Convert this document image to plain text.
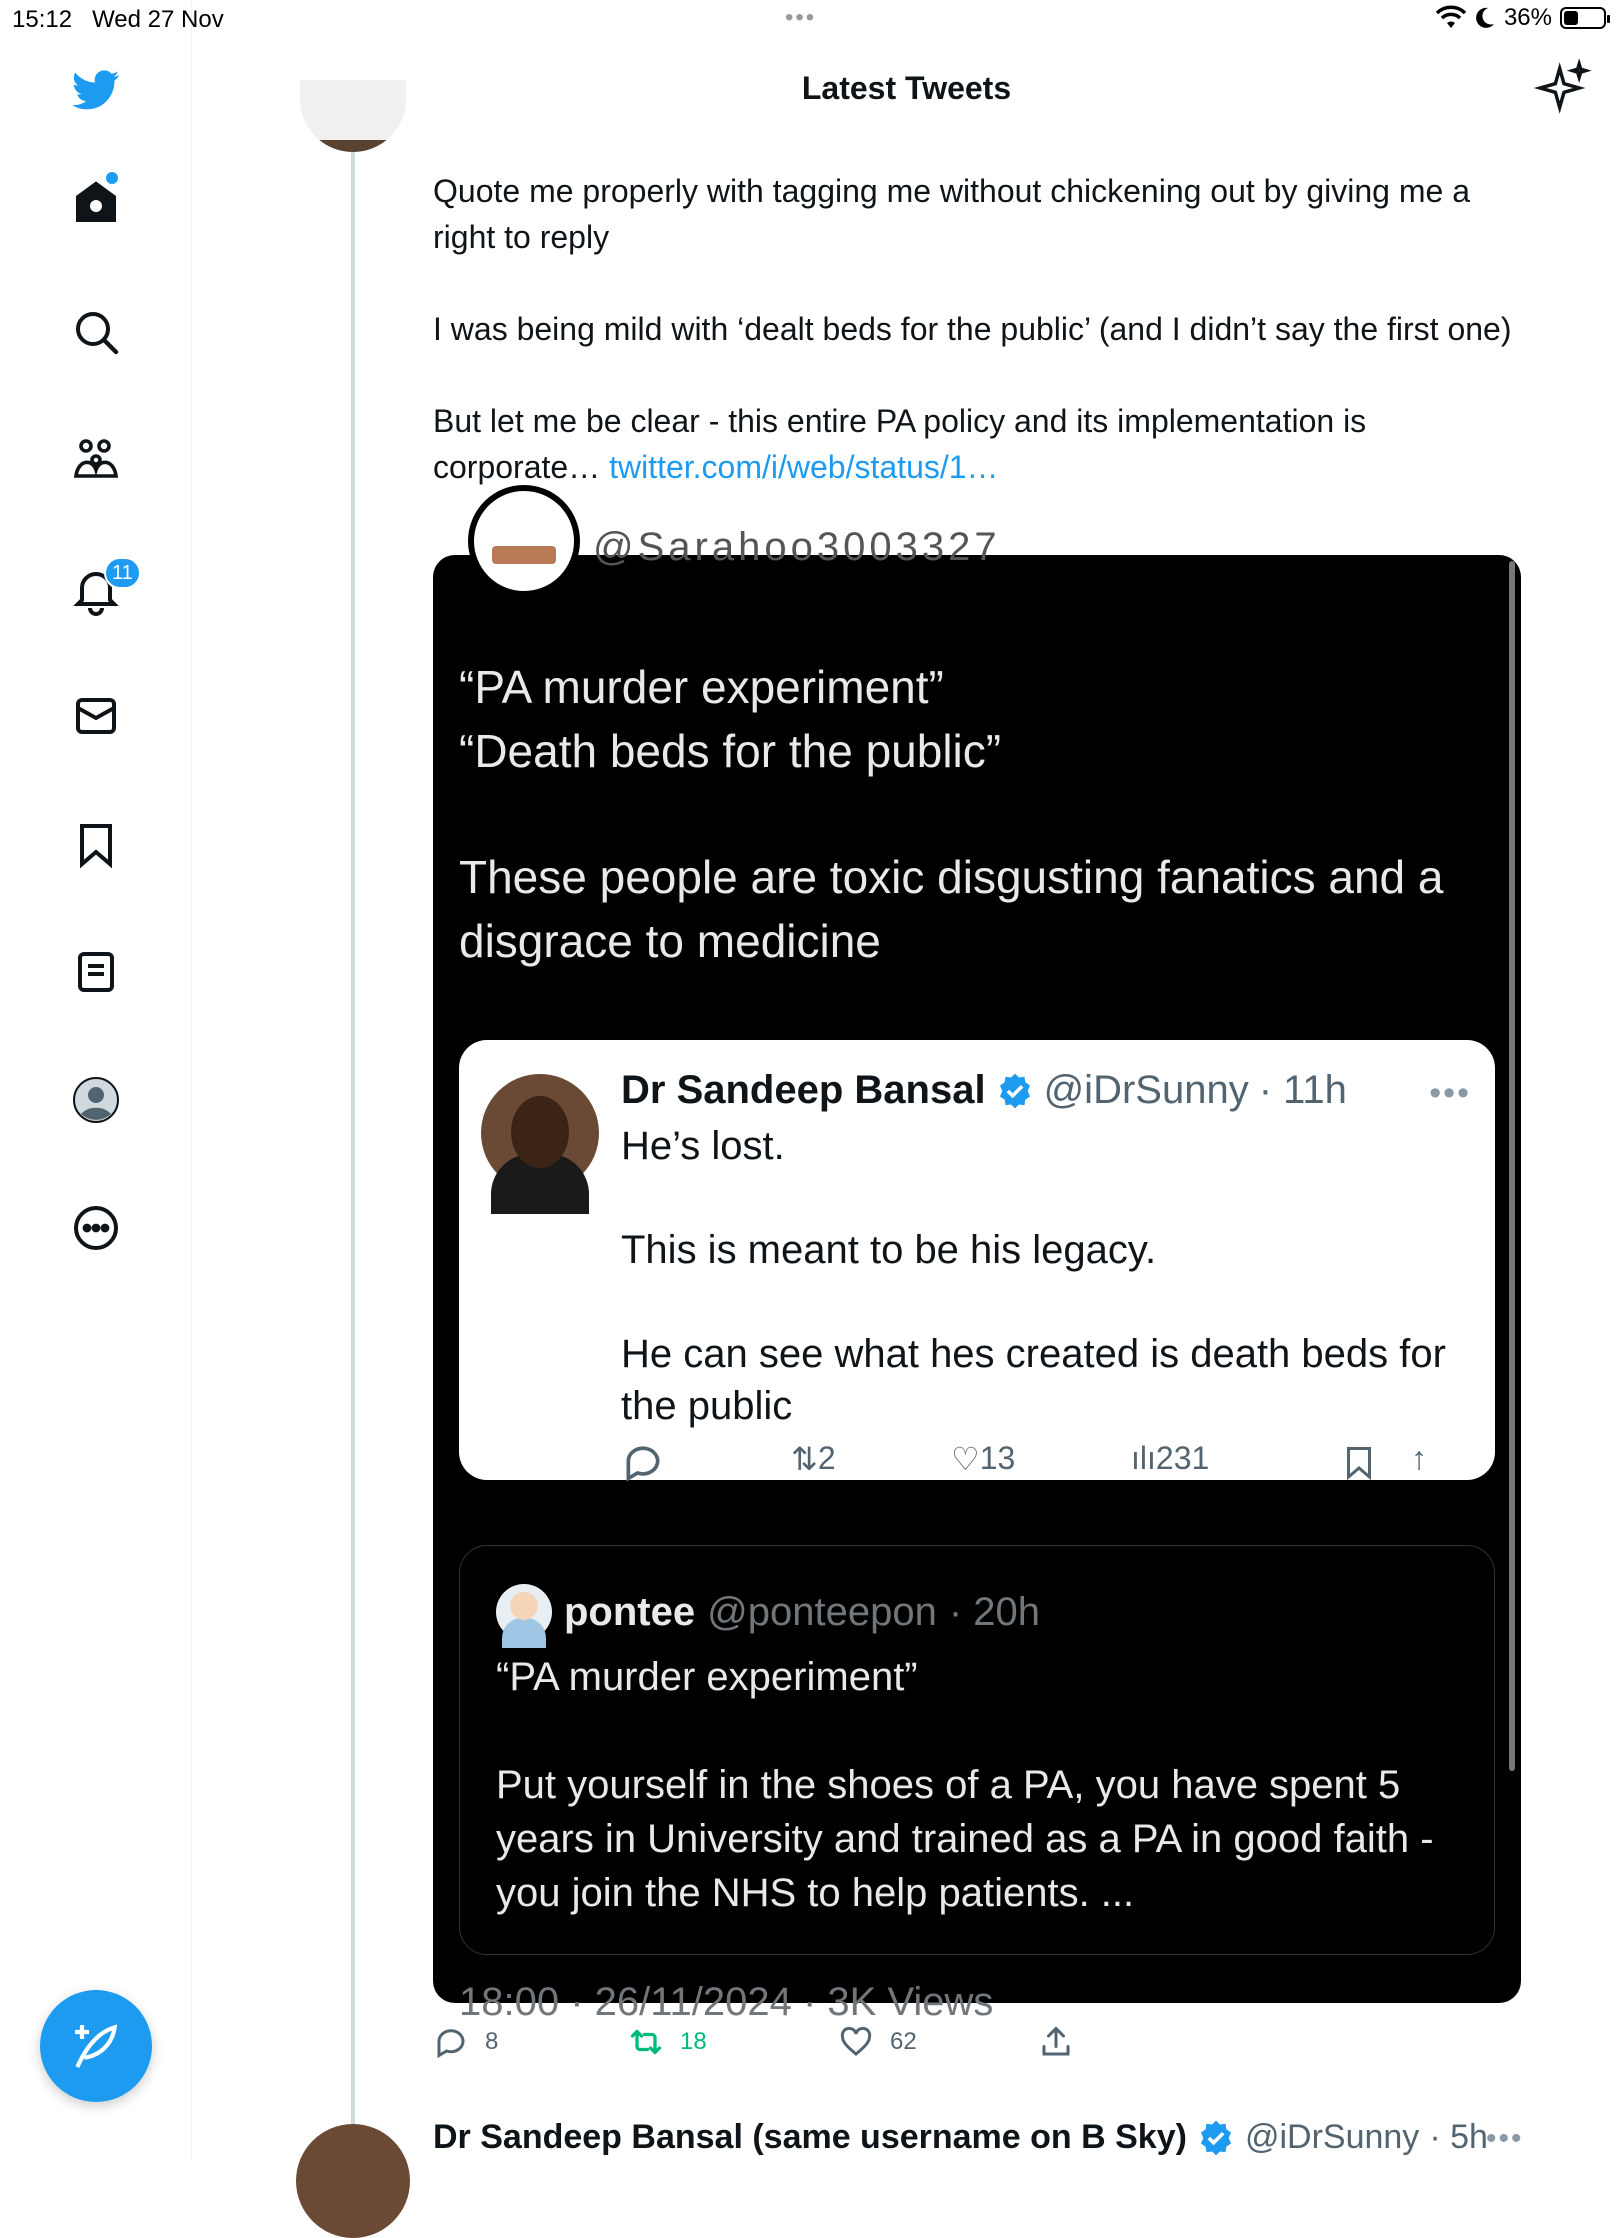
15:12 Wed 27 Nov	•••	36%
11
Latest Tweets

Quote me properly with tagging me without chickening out by giving me a right to reply

I was being mild with ‘dealt beds for the public’ (and I didn’t say the first one)

But let me be clear - this entire PA policy and its implementation is corporate… twitter.com/i/web/status/1…

@Sarahoo3003327
“PA murder experiment”
“Death beds for the public”
These people are toxic disgusting fanatics and a disgrace to medicine
Dr Sandeep Bansal @iDrSunny · 11h •••

He’s lost.

This is meant to be his legacy.

He can see what hes created is death beds for the public

⇅ 2	♡ 13	ılı 231	↑
pontee @ponteepon · 20h

“PA murder experiment”

Put yourself in the shoes of a PA, you have spent 5 years in University and trained as a PA in good faith - you join the NHS to help patients. ...

18:00 · 26/11/2024 · 3K Views
8	18	62
Dr Sandeep Bansal (same username on B Sky) @iDrSunny · 5h
•••
